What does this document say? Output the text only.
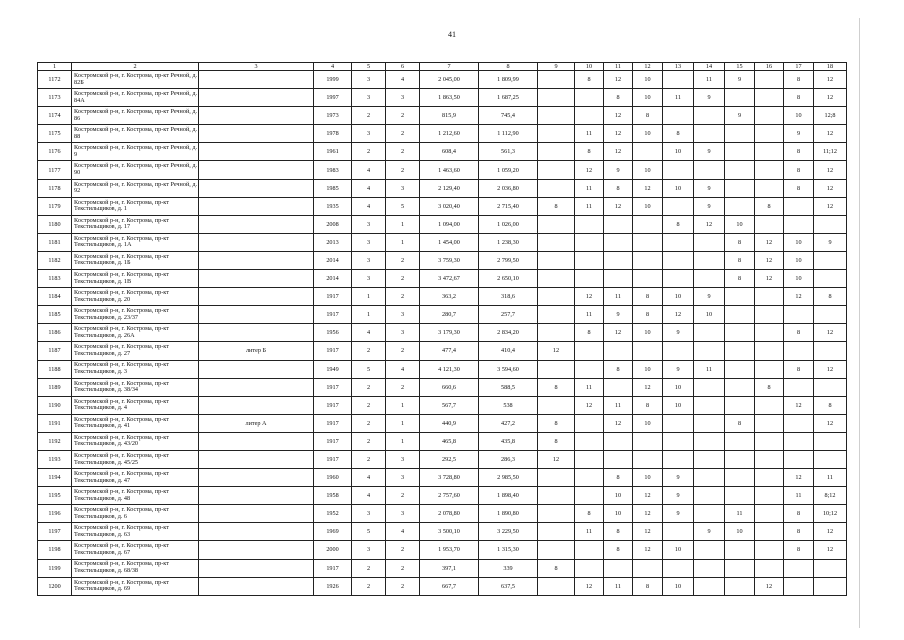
41
1	2	3	4	5	6	7	8	9	10	11	12	13	14	15	16	17	18
1172	Костромской р-н, г. Кострома, пр-кт Речной, д. 82Б		1999	3	4	2 045,00	1 809,99		8	12	10		11	9		8	12
1173	Костромской р-н, г. Кострома, пр-кт Речной, д. 84А		1997	3	3	1 863,50	1 687,25			8	10	11	9			8	12
1174	Костромской р-н, г. Кострома, пр-кт Речной, д. 86		1973	2	2	815,9	745,4			12	8			9		10	12;8
1175	Костромской р-н, г. Кострома, пр-кт Речной, д. 88		1978	3	2	1 212,60	1 112,90		11	12	10	8				9	12
1176	Костромской р-н, г. Кострома, пр-кт Речной, д. 9		1961	2	2	608,4	561,3		8	12		10	9			8	11;12
1177	Костромской р-н, г. Кострома, пр-кт Речной, д. 90		1983	4	2	1 463,60	1 059,20		12	9	10					8	12
1178	Костромской р-н, г. Кострома, пр-кт Речной, д. 92		1985	4	3	2 129,40	2 036,80		11	8	12	10	9			8	12
1179	Костромской р-н, г. Кострома, пр-кт Текстильщиков, д. 1		1935	4	5	3 020,40	2 715,40	8	11	12	10		9		8		12
1180	Костромской р-н, г. Кострома, пр-кт Текстильщиков, д. 17		2008	3	1	1 094,00	1 026,00					8	12	10			
1181	Костромской р-н, г. Кострома, пр-кт Текстильщиков, д. 1А		2013	3	1	1 454,00	1 238,30							8	12	10	9
1182	Костромской р-н, г. Кострома, пр-кт Текстильщиков, д. 1Б		2014	3	2	3 759,30	2 799,50							8	12	10	
1183	Костромской р-н, г. Кострома, пр-кт Текстильщиков, д. 1В		2014	3	2	3 472,67	2 650,10							8	12	10	
1184	Костромской р-н, г. Кострома, пр-кт Текстильщиков, д. 20		1917	1	2	363,2	318,6		12	11	8	10	9			12	8
1185	Костромской р-н, г. Кострома, пр-кт Текстильщиков, д. 23/37		1917	1	3	280,7	257,7		11	9	8	12	10				
1186	Костромской р-н, г. Кострома, пр-кт Текстильщиков, д. 26А		1956	4	3	3 179,30	2 834,20		8	12	10	9				8	12
1187	Костромской р-н, г. Кострома, пр-кт Текстильщиков, д. 27	литер Б	1917	2	2	477,4	410,4	12									
1188	Костромской р-н, г. Кострома, пр-кт Текстильщиков, д. 3		1949	5	4	4 121,30	3 594,60			8	10	9	11			8	12
1189	Костромской р-н, г. Кострома, пр-кт Текстильщиков, д. 38/34		1917	2	2	660,6	588,5	8	11		12	10			8		
1190	Костромской р-н, г. Кострома, пр-кт Текстильщиков, д. 4		1917	2	1	567,7	538		12	11	8	10				12	8
1191	Костромской р-н, г. Кострома, пр-кт Текстильщиков, д. 41	литер А	1917	2	1	440,9	427,2	8		12	10			8			12
1192	Костромской р-н, г. Кострома, пр-кт Текстильщиков, д. 43/20		1917	2	1	465,8	435,8	8									
1193	Костромской р-н, г. Кострома, пр-кт Текстильщиков, д. 45/25		1917	2	3	292,5	286,3	12									
1194	Костромской р-н, г. Кострома, пр-кт Текстильщиков, д. 47		1960	4	3	3 728,80	2 985,50			8	10	9				12	11
1195	Костромской р-н, г. Кострома, пр-кт Текстильщиков, д. 48		1958	4	2	2 757,60	1 898,40			10	12	9				11	8;12
1196	Костромской р-н, г. Кострома, пр-кт Текстильщиков, д. 6		1952	3	3	2 078,80	1 890,80		8	10	12	9		11		8	10;12
1197	Костромской р-н, г. Кострома, пр-кт Текстильщиков, д. 63		1969	5	4	3 500,10	3 229,50		11	8	12		9	10		8	12
1198	Костромской р-н, г. Кострома, пр-кт Текстильщиков, д. 67		2000	3	2	1 953,70	1 315,30			8	12	10				8	12
1199	Костромской р-н, г. Кострома, пр-кт Текстильщиков, д. 68/38		1917	2	2	397,1	339	8									
1200	Костромской р-н, г. Кострома, пр-кт Текстильщиков, д. 69		1926	2	2	667,7	637,5		12	11	8	10			12		
